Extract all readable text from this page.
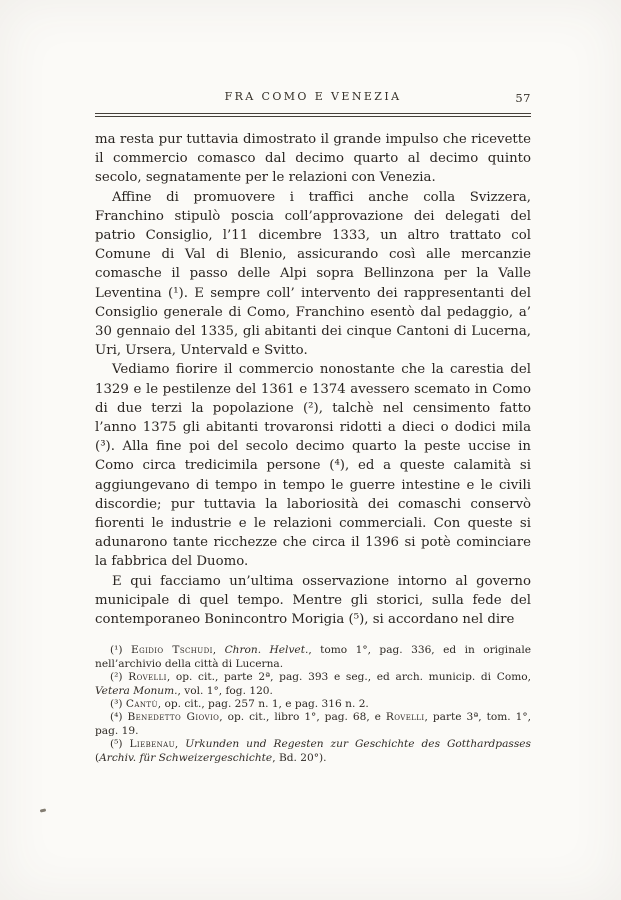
FRA COMO E VENEZIA	57

ma resta pur tuttavia dimostrato il grande impulso che ricevette il commercio comasco dal decimo quarto al decimo quinto secolo, segnatamente per le relazioni con Venezia.

Affine di promuovere i traffici anche colla Svizzera, Franchino stipulò poscia coll’approvazione dei delegati del patrio Consiglio, l’11 dicembre 1333, un altro trattato col Comune di Val di Blenio, assicurando così alle mercanzie comasche il passo delle Alpi sopra Bellinzona per la Valle Leventina (¹). E sempre coll’ intervento dei rappresentanti del Consiglio generale di Como, Franchino esentò dal pedaggio, a’ 30 gennaio del 1335, gli abitanti dei cinque Cantoni di Lucerna, Uri, Ursera, Untervald e Svitto.

Vediamo fiorire il commercio nonostante che la carestia del 1329 e le pestilenze del 1361 e 1374 avessero scemato in Como di due terzi la popolazione (²), talchè nel censimento fatto l’anno 1375 gli abitanti trovaronsi ridotti a dieci o dodici mila (³). Alla fine poi del secolo decimo quarto la peste uccise in Como circa tredicimila persone (⁴), ed a queste calamità si aggiungevano di tempo in tempo le guerre intestine e le civili discordie; pur tuttavia la laboriosità dei comaschi conservò fiorenti le industrie e le relazioni commerciali. Con queste si adunarono tante ricchezze che circa il 1396 si potè cominciare la fabbrica del Duomo.

E qui facciamo un’ultima osservazione intorno al governo municipale di quel tempo. Mentre gli storici, sulla fede del contemporaneo Bonincontro Morigia (⁵), si accordano nel dire

(¹) Egidio Tschudi, Chron. Helvet., tomo 1°, pag. 336, ed in originale nell’archivio della città di Lucerna.

(²) Rovelli, op. cit., parte 2ª, pag. 393 e seg., ed arch. municip. di Como, Vetera Monum., vol. 1°, fog. 120.

(³) Cantù, op. cit., pag. 257 n. 1, e pag. 316 n. 2.

(⁴) Benedetto Giovio, op. cit., libro 1°, pag. 68, e Rovelli, parte 3ª, tom. 1°, pag. 19.

(⁵) Liebenau, Urkunden und Regesten zur Geschichte des Gotthardpasses (Archiv. für Schweizergeschichte, Bd. 20°).
